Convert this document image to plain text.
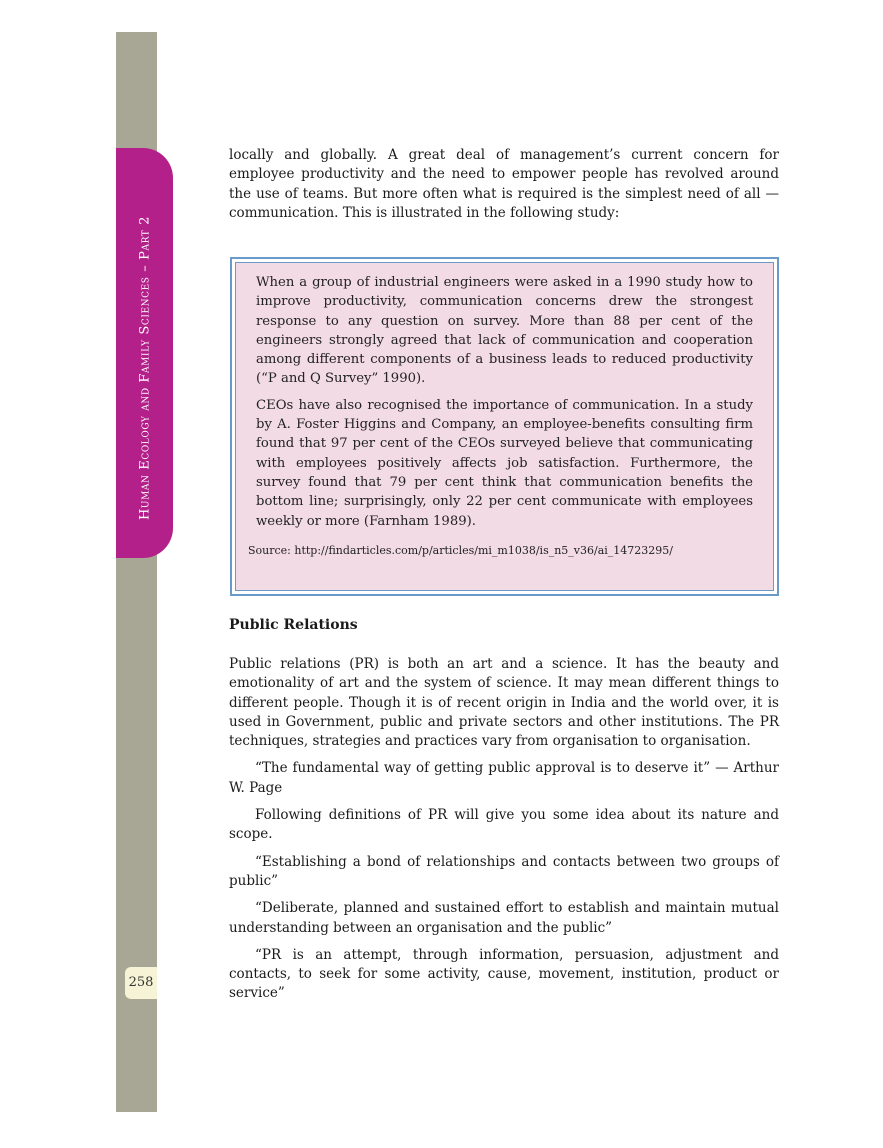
Human Ecology and Family Sciences – Part 2
258

locally and globally. A great deal of management’s current concern for employee productivity and the need to empower people has revolved around the use of teams. But more often what is required is the simplest need of all — communication. This is illustrated in the following study:

When a group of industrial engineers were asked in a 1990 study how to improve productivity, communication concerns drew the strongest response to any question on survey. More than 88 per cent of the engineers strongly agreed that lack of communication and cooperation among different components of a business leads to reduced productivity (“P and Q Survey” 1990).

CEOs have also recognised the importance of communication. In a study by A. Foster Higgins and Company, an employee-benefits consulting firm found that 97 per cent of the CEOs surveyed believe that communicating with employees positively affects job satisfaction. Furthermore, the survey found that 79 per cent think that communication benefits the bottom line; surprisingly, only 22 per cent communicate with employees weekly or more (Farnham 1989).

Source: http://findarticles.com/p/articles/mi_m1038/is_n5_v36/ai_14723295/
Public Relations

Public relations (PR) is both an art and a science. It has the beauty and emotionality of art and the system of science. It may mean different things to different people. Though it is of recent origin in India and the world over, it is used in Government, public and private sectors and other institutions. The PR techniques, strategies and practices vary from organisation to organisation.

“The fundamental way of getting public approval is to deserve it” — Arthur W. Page

Following definitions of PR will give you some idea about its nature and scope.

“Establishing a bond of relationships and contacts between two groups of public”

“Deliberate, planned and sustained effort to establish and maintain mutual understanding between an organisation and the public”

“PR is an attempt, through information, persuasion, adjustment and contacts, to seek for some activity, cause, movement, institution, product or service”
